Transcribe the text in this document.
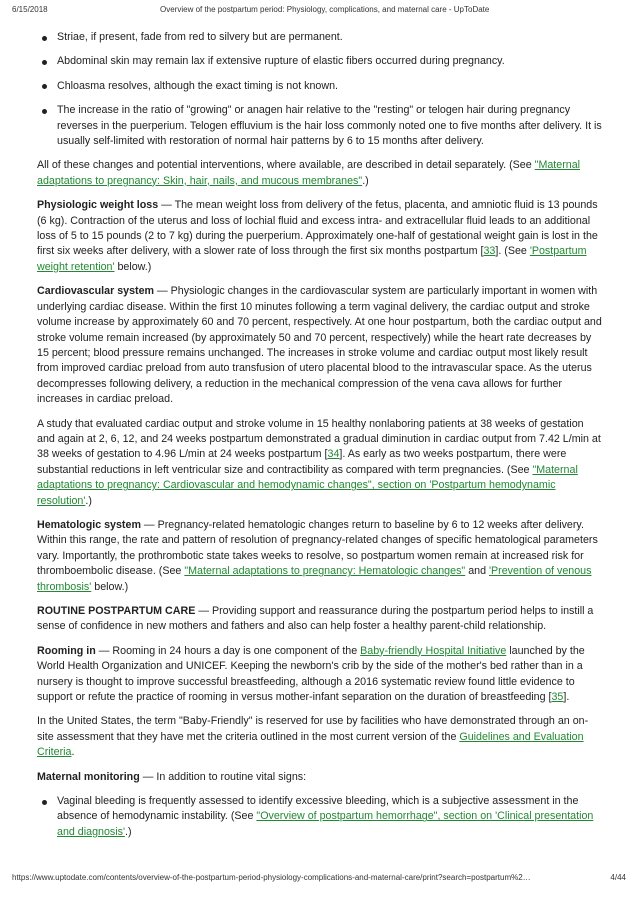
6/15/2018	Overview of the postpartum period: Physiology, complications, and maternal care - UpToDate
Striae, if present, fade from red to silvery but are permanent.
Abdominal skin may remain lax if extensive rupture of elastic fibers occurred during pregnancy.
Chloasma resolves, although the exact timing is not known.
The increase in the ratio of "growing" or anagen hair relative to the "resting" or telogen hair during pregnancy reverses in the puerperium. Telogen effluvium is the hair loss commonly noted one to five months after delivery. It is usually self-limited with restoration of normal hair patterns by 6 to 15 months after delivery.

All of these changes and potential interventions, where available, are described in detail separately. (See "Maternal adaptations to pregnancy: Skin, hair, nails, and mucous membranes".)

Physiologic weight loss — The mean weight loss from delivery of the fetus, placenta, and amniotic fluid is 13 pounds (6 kg). Contraction of the uterus and loss of lochial fluid and excess intra- and extracellular fluid leads to an additional loss of 5 to 15 pounds (2 to 7 kg) during the puerperium. Approximately one-half of gestational weight gain is lost in the first six weeks after delivery, with a slower rate of loss through the first six months postpartum [33]. (See 'Postpartum weight retention' below.)

Cardiovascular system — Physiologic changes in the cardiovascular system are particularly important in women with underlying cardiac disease. Within the first 10 minutes following a term vaginal delivery, the cardiac output and stroke volume increase by approximately 60 and 70 percent, respectively. At one hour postpartum, both the cardiac output and stroke volume remain increased (by approximately 50 and 70 percent, respectively) while the heart rate decreases by 15 percent; blood pressure remains unchanged. The increases in stroke volume and cardiac output most likely result from improved cardiac preload from auto transfusion of utero placental blood to the intravascular space. As the uterus decompresses following delivery, a reduction in the mechanical compression of the vena cava allows for further increases in cardiac preload.

A study that evaluated cardiac output and stroke volume in 15 healthy nonlaboring patients at 38 weeks of gestation and again at 2, 6, 12, and 24 weeks postpartum demonstrated a gradual diminution in cardiac output from 7.42 L/min at 38 weeks of gestation to 4.96 L/min at 24 weeks postpartum [34]. As early as two weeks postpartum, there were substantial reductions in left ventricular size and contractibility as compared with term pregnancies. (See "Maternal adaptations to pregnancy: Cardiovascular and hemodynamic changes", section on 'Postpartum hemodynamic resolution'.)

Hematologic system — Pregnancy-related hematologic changes return to baseline by 6 to 12 weeks after delivery. Within this range, the rate and pattern of resolution of pregnancy-related changes of specific hematological parameters vary. Importantly, the prothrombotic state takes weeks to resolve, so postpartum women remain at increased risk for thromboembolic disease. (See "Maternal adaptations to pregnancy: Hematologic changes" and 'Prevention of venous thrombosis' below.)

ROUTINE POSTPARTUM CARE — Providing support and reassurance during the postpartum period helps to instill a sense of confidence in new mothers and fathers and also can help foster a healthy parent-child relationship.

Rooming in — Rooming in 24 hours a day is one component of the Baby-friendly Hospital Initiative launched by the World Health Organization and UNICEF. Keeping the newborn's crib by the side of the mother's bed rather than in a nursery is thought to improve successful breastfeeding, although a 2016 systematic review found little evidence to support or refute the practice of rooming in versus mother-infant separation on the duration of breastfeeding [35].

In the United States, the term "Baby-Friendly" is reserved for use by facilities who have demonstrated through an on-site assessment that they have met the criteria outlined in the most current version of the Guidelines and Evaluation Criteria.

Maternal monitoring — In addition to routine vital signs:

Vaginal bleeding is frequently assessed to identify excessive bleeding, which is a subjective assessment in the absence of hemodynamic instability. (See "Overview of postpartum hemorrhage", section on 'Clinical presentation and diagnosis'.)
https://www.uptodate.com/contents/overview-of-the-postpartum-period-physiology-complications-and-maternal-care/print?search=postpartum%2…	4/44
